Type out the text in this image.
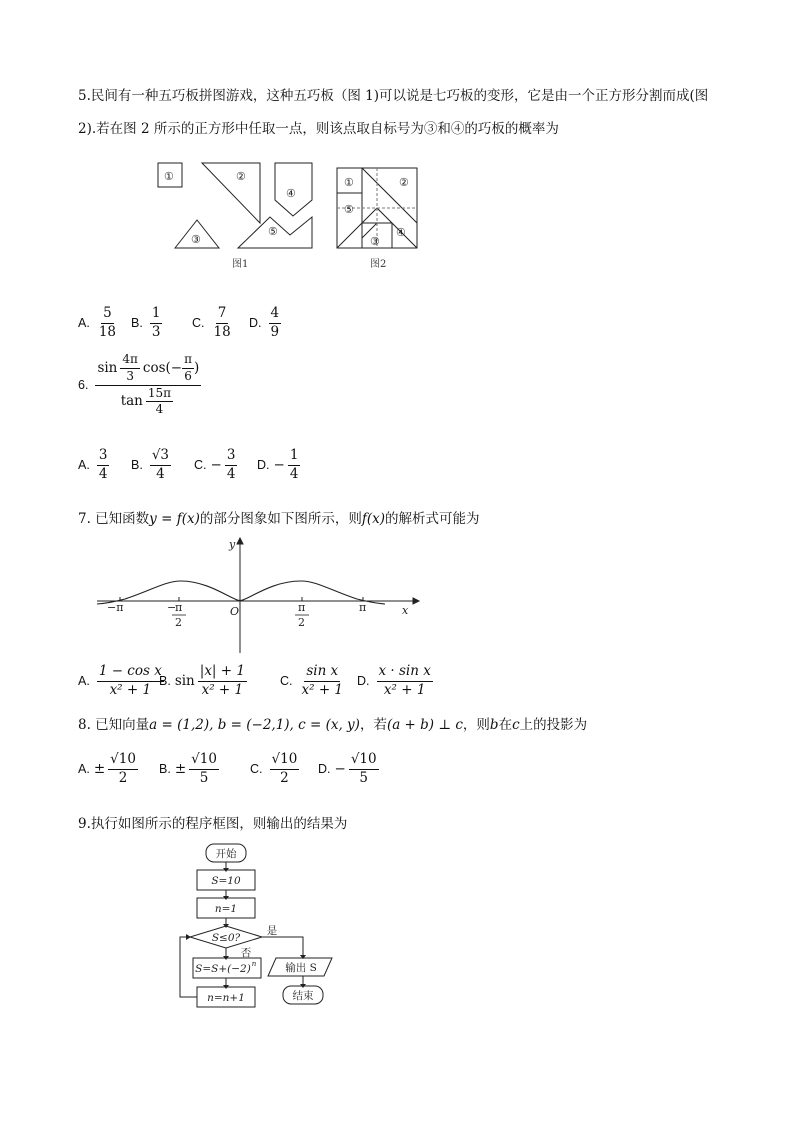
5.民间有一种五巧板拼图游戏，这种五巧板（图 1)可以说是七巧板的变形，它是由一个正方形分割而成(图
2).若在图 2 所示的正方形中任取一点，则该点取自标号为③和④的巧板的概率为
①	②
④
③
⑤
①	②
⑤
③
④
图1	图2
A. $\frac{5}{18} B$. $\frac{1}{3} C$. $\frac{7}{18} D$. $\frac{4}{9}$
6. $\frac{\sin \frac{4\pi}{3} \cos(- \frac{\pi}{6} )}{\tan \frac{15\pi}{4}}$
A. $\frac{3}{4} B$. $\frac{√3}{4} C$. − $\frac{3}{4} D$. − $\frac{1}{4}$
7. 已知函数y = f(x)的部分图象如下图所示，则f(x)的解析式可能为
y
x
O
−π	−
π
2
π
2
π
A. $\frac{\text{1 − cos x}}{\text{x² + 1}}$
B. $\sin \frac{|x| + 1}{\text{x² + 1}}$	C. $\frac{\text{sin x}}{\text{x² + 1}} D$. $\frac{\text{x · sin x}}{\text{x² + 1}}$
8. 已知向量a = (1,2), b = (−2,1), c = (x, y)，若(a + b) ⊥ c，则b在c上的投影为
A. ± $\frac{√10}{2} B$. ± $\frac{√10}{5} C$. $\frac{√10}{2} D$. − $\frac{√10}{5}$
9.执行如图所示的程序框图，则输出的结果为
开始
S=10
n=1
S≤0?
是
否
S=S+(−2) n
n=n+1
输出 S
结束
